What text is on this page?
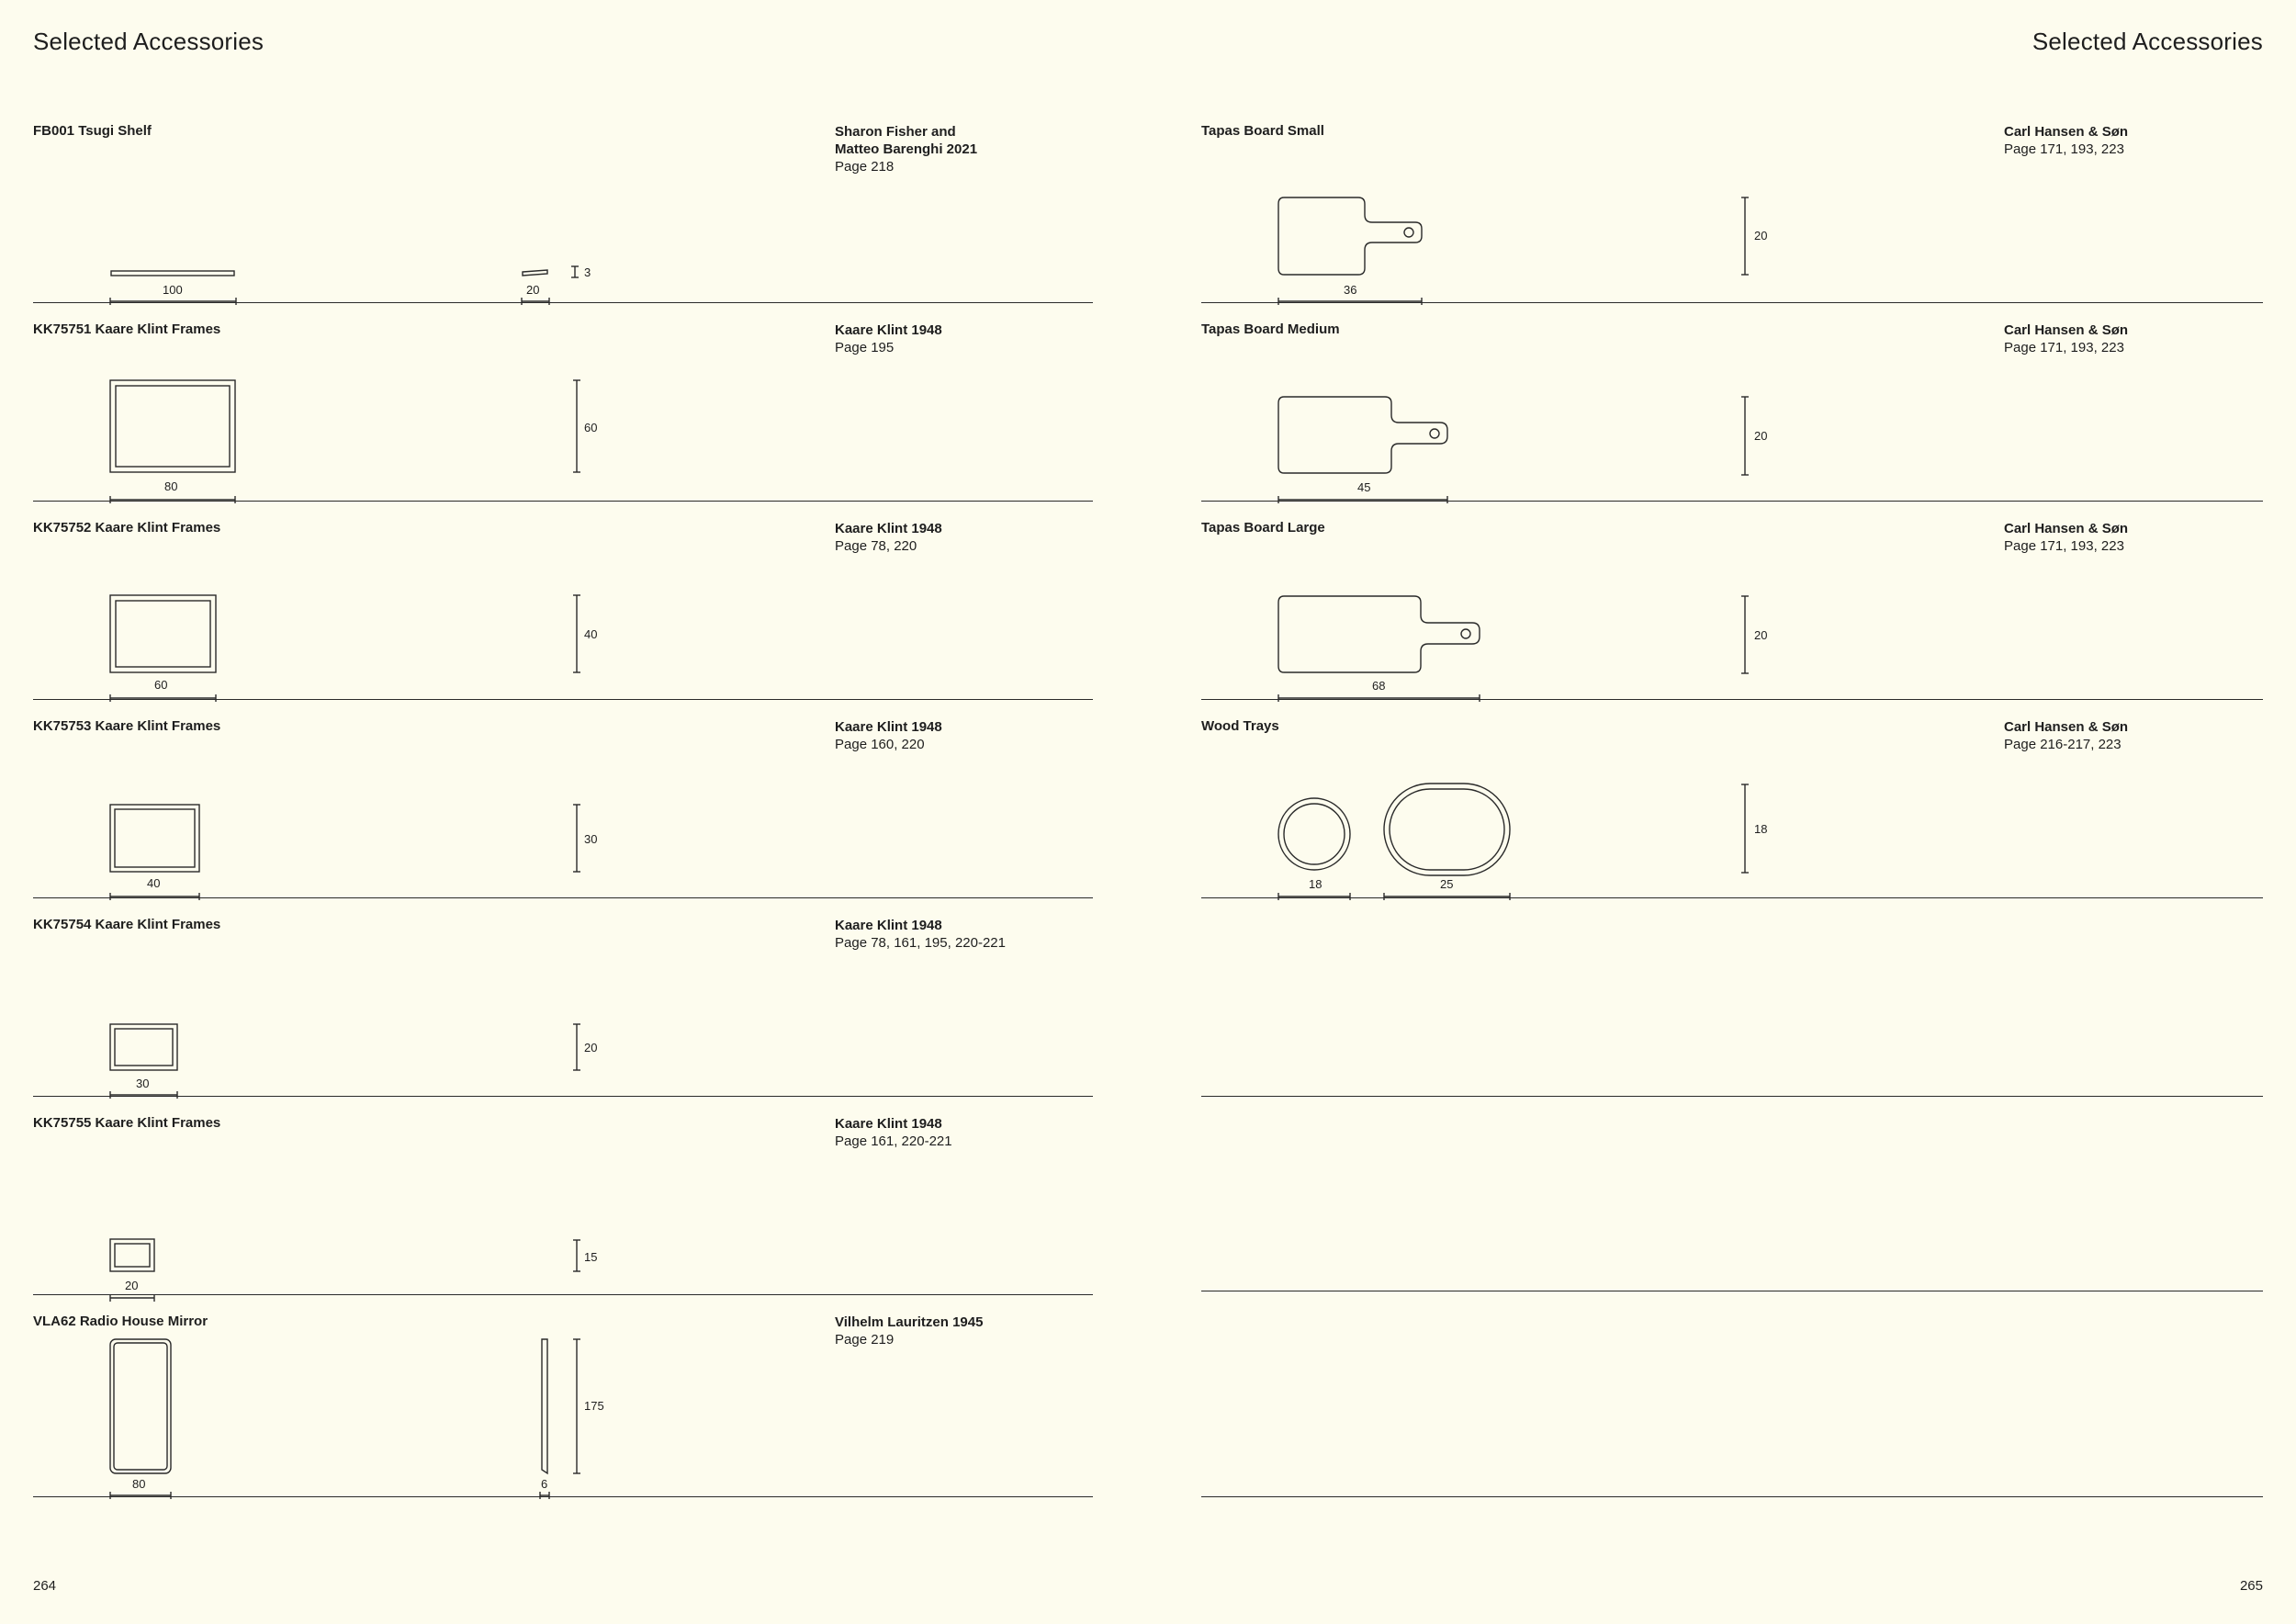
Selected Accessories	Selected Accessories
FB001 Tsugi Shelf	Sharon Fisher and
Matteo Barenghi 2021
Page 218
100	20
3
KK75751 Kaare Klint Frames	Kaare Klint 1948
Page 195
80
60
KK75752 Kaare Klint Frames	Kaare Klint 1948
Page 78, 220
60
40
KK75753 Kaare Klint Frames	Kaare Klint 1948
Page 160, 220
40
30
KK75754 Kaare Klint Frames	Kaare Klint 1948
Page 78, 161, 195, 220-221
30
20
KK75755 Kaare Klint Frames	Kaare Klint 1948
Page 161, 220-221
20
15
VLA62 Radio House Mirror	Vilhelm Lauritzen 1945
Page 219
80	6
175
Tapas Board Small	Carl Hansen & Søn
Page 171, 193, 223
36
20
Tapas Board Medium	Carl Hansen & Søn
Page 171, 193, 223
45
20
Tapas Board Large	Carl Hansen & Søn
Page 171, 193, 223
68
20
Wood Trays	Carl Hansen & Søn
Page 216-217, 223
18	25
18
264	265
